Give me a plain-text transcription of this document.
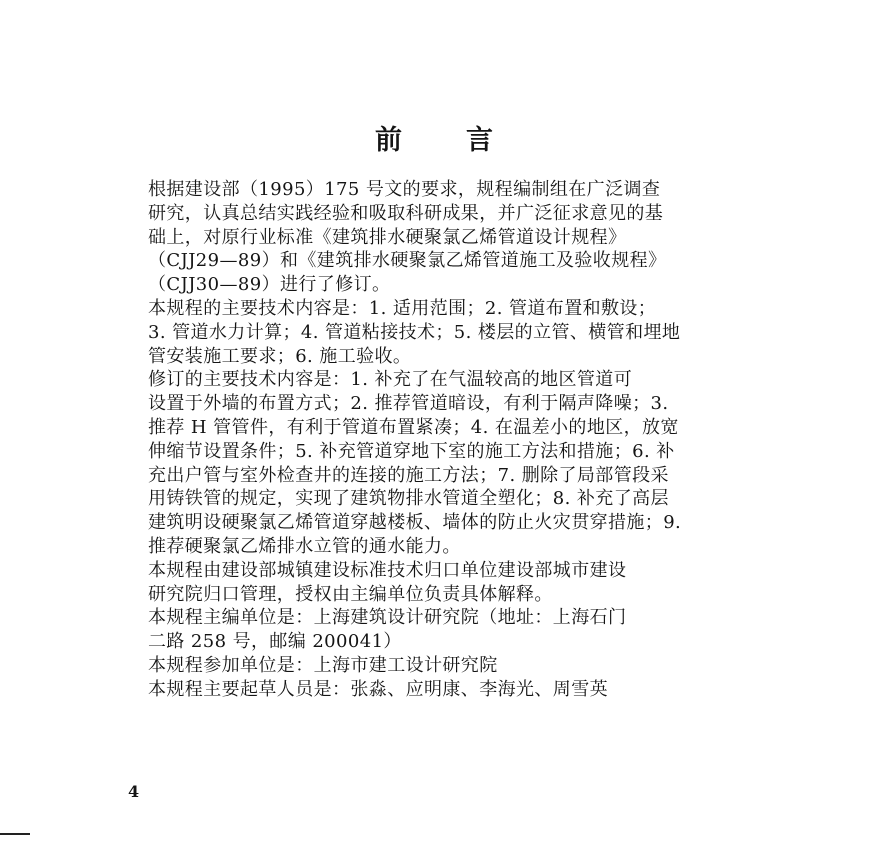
前 言

根据建设部（1995）175 号文的要求，规程编制组在广泛调查
研究，认真总结实践经验和吸取科研成果，并广泛征求意见的基
础上，对原行业标准《建筑排水硬聚氯乙烯管道设计规程》
（CJJ29—89）和《建筑排水硬聚氯乙烯管道施工及验收规程》
（CJJ30—89）进行了修订。

本规程的主要技术内容是：1. 适用范围；2. 管道布置和敷设；
3. 管道水力计算；4. 管道粘接技术；5. 楼层的立管、横管和埋地
管安装施工要求；6. 施工验收。

修订的主要技术内容是：1. 补充了在气温较高的地区管道可
设置于外墙的布置方式；2. 推荐管道暗设，有利于隔声降噪；3.
推荐 H 管管件，有利于管道布置紧凑；4. 在温差小的地区，放宽
伸缩节设置条件；5. 补充管道穿地下室的施工方法和措施；6. 补
充出户管与室外检查井的连接的施工方法；7. 删除了局部管段采
用铸铁管的规定，实现了建筑物排水管道全塑化；8. 补充了高层
建筑明设硬聚氯乙烯管道穿越楼板、墙体的防止火灾贯穿措施；9.
推荐硬聚氯乙烯排水立管的通水能力。

本规程由建设部城镇建设标准技术归口单位建设部城市建设
研究院归口管理，授权由主编单位负责具体解释。

本规程主编单位是：上海建筑设计研究院（地址：上海石门
二路 258 号，邮编 200041）

本规程参加单位是：上海市建工设计研究院

本规程主要起草人员是：张淼、应明康、李海光、周雪英

4
